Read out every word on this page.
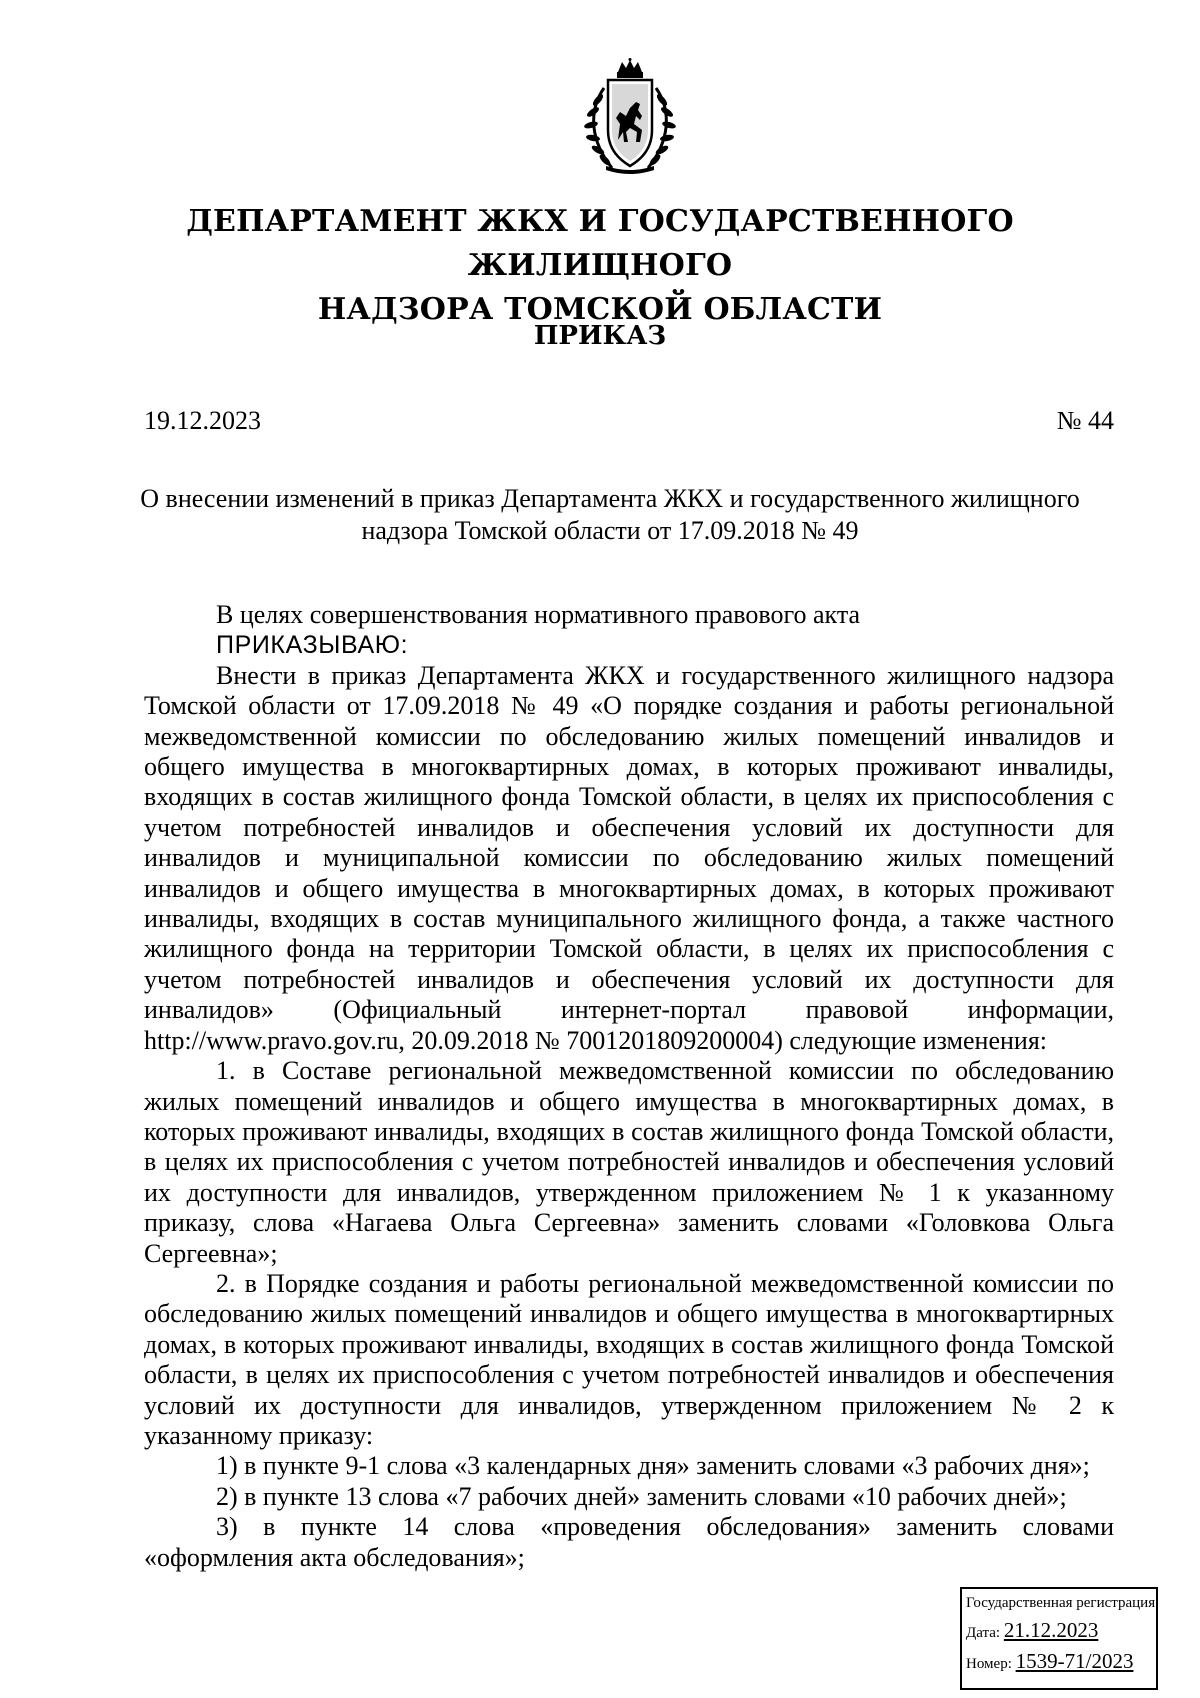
ДЕПАРТАМЕНТ ЖКХ И ГОСУДАРСТВЕННОГО ЖИЛИЩНОГО
НАДЗОРА ТОМСКОЙ ОБЛАСТИ
ПРИКАЗ
19.12.2023	№ 44
О внесении изменений в приказ Департамента ЖКХ и государственного жилищного
надзора Томской области от 17.09.2018 № 49

В целях совершенствования нормативного правового акта

ПРИКАЗЫВАЮ:

Внести в приказ Департамента ЖКХ и государственного жилищного надзора Томской области от 17.09.2018 № 49 «О порядке создания и работы региональной межведомственной комиссии по обследованию жилых помещений инвалидов и общего имущества в многоквартирных домах, в которых проживают инвалиды, входящих в состав жилищного фонда Томской области, в целях их приспособления с учетом потребностей инвалидов и обеспечения условий их доступности для инвалидов и муниципальной комиссии по обследованию жилых помещений инвалидов и общего имущества в многоквартирных домах, в которых проживают инвалиды, входящих в состав муниципального жилищного фонда, а также частного жилищного фонда на территории Томской области, в целях их приспособления с учетом потребностей инвалидов и обеспечения условий их доступности для инвалидов» (Официальный интернет-портал правовой информации, http://www.pravo.gov.ru, 20.09.2018 № 7001201809200004) следующие изменения:

1. в Составе региональной межведомственной комиссии по обследованию жилых помещений инвалидов и общего имущества в многоквартирных домах, в которых проживают инвалиды, входящих в состав жилищного фонда Томской области, в целях их приспособления с учетом потребностей инвалидов и обеспечения условий их доступности для инвалидов, утвержденном приложением № 1 к указанному приказу, слова «Нагаева Ольга Сергеевна» заменить словами «Головкова Ольга Сергеевна»;

2. в Порядке создания и работы региональной межведомственной комиссии по обследованию жилых помещений инвалидов и общего имущества в многоквартирных домах, в которых проживают инвалиды, входящих в состав жилищного фонда Томской области, в целях их приспособления с учетом потребностей инвалидов и обеспечения условий их доступности для инвалидов, утвержденном приложением № 2 к указанному приказу:

1) в пункте 9-1 слова «3 календарных дня» заменить словами «3 рабочих дня»;

2) в пункте 13 слова «7 рабочих дней» заменить словами «10 рабочих дней»;

3) в пункте 14 слова «проведения обследования» заменить словами «оформления акта обследования»;

Государственная регистрация
Дата: 21.12.2023
Номер: 1539-71/2023
